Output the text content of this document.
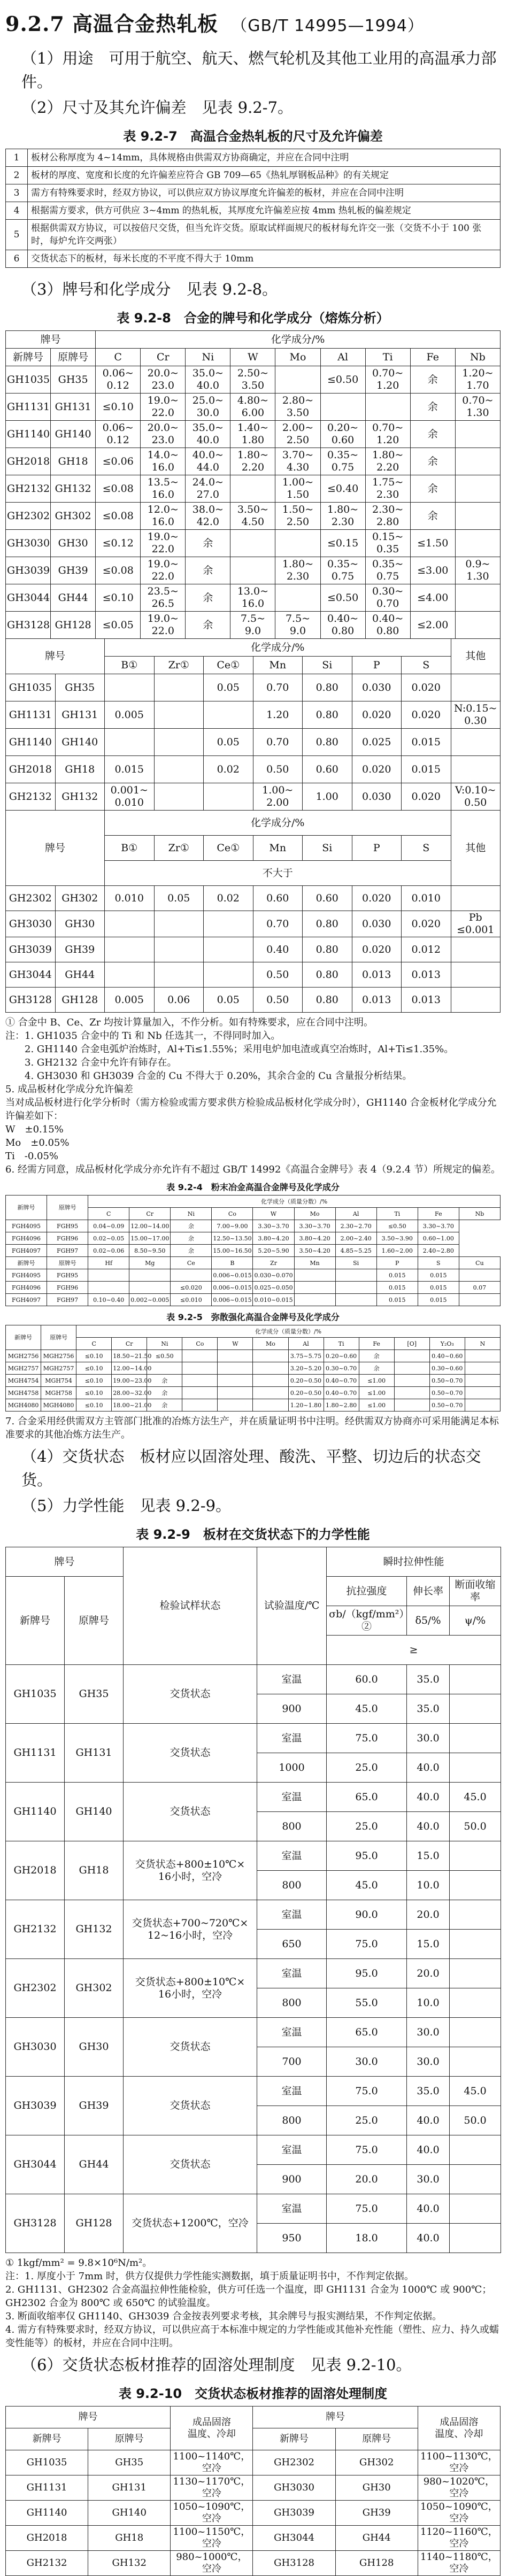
9.2.7 高温合金热轧板 （GB/T 14995—1994）

（1）用途　可用于航空、航天、燃气轮机及其他工业用的高温承力部件。

（2）尺寸及其允许偏差　见表 9.2-7。

表 9.2-7　高温合金热轧板的尺寸及允许偏差
1	板材公称厚度为 4~14mm，具体规格由供需双方协商确定，并应在合同中注明
2	板材的厚度、宽度和长度的允许偏差应符合 GB 709—65《热轧厚钢板品种》的有关规定
3	需方有特殊要求时，经双方协议，可以供应双方协议厚度允许偏差的板材，并应在合同中注明
4	根据需方要求，供方可供应 3~4mm 的热轧板，其厚度允许偏差应按 4mm 热轧板的偏差规定
5	根据供需双方协议，可以按倍尺交货，但当允许交货。原取试样面规尺的板材每允许交一张（交货不小于 100 张时，每炉允许交两张）
6	交货状态下的板材，每米长度的不平度不得大于 10mm

（3）牌号和化学成分　见表 9.2-8。

表 9.2-8　合金的牌号和化学成分（熔炼分析）
牌号		化学成分/%								
新牌号	原牌号	C	Cr	Ni	W	Mo	Al	Ti	Fe	Nb
GH1035	GH35	0.06~
0.12	20.0~
23.0	35.0~
40.0	2.50~
3.50		≤0.50	0.70~
1.20	余	1.20~
1.70
GH1131	GH131	≤0.10	19.0~
22.0	25.0~
30.0	4.80~
6.00	2.80~
3.50			余	0.70~
1.30
GH1140	GH140	0.06~
0.12	20.0~
23.0	35.0~
40.0	1.40~
1.80	2.00~
2.50	0.20~
0.60	0.70~
1.20	余	
GH2018	GH18	≤0.06	14.0~
16.0	40.0~
44.0	1.80~
2.20	3.70~
4.30	0.35~
0.75	1.80~
2.20	余	
GH2132	GH132	≤0.08	13.5~
16.0	24.0~
27.0		1.00~
1.50	≤0.40	1.75~
2.30	余	
GH2302	GH302	≤0.08	12.0~
16.0	38.0~
42.0	3.50~
4.50	1.50~
2.50	1.80~
2.30	2.30~
2.80	余	
GH3030	GH30	≤0.12	19.0~
22.0	余			≤0.15	0.15~
0.35	≤1.50	
GH3039	GH39	≤0.08	19.0~
22.0	余		1.80~
2.30	0.35~
0.75	0.35~
0.75	≤3.00	0.9~
1.30
GH3044	GH44	≤0.10	23.5~
26.5	余	13.0~
16.0		≤0.50	0.30~
0.70	≤4.00	
GH3128	GH128	≤0.05	19.0~
22.0	余	7.5~
9.0	7.5~
9.0	0.40~
0.80	0.40~
0.80	≤2.00	
牌号		化学成分/%							其他
		B①	Zr①	Ce①	Mn	Si	P	S	
GH1035	GH35			0.05	0.70	0.80	0.030	0.020	
GH1131	GH131	0.005			1.20	0.80	0.020	0.020	N:0.15~
0.30
GH1140	GH140			0.05	0.70	0.80	0.025	0.015	
GH2018	GH18	0.015		0.02	0.50	0.60	0.020	0.015	
GH2132	GH132	0.001~
0.010			1.00~
2.00	1.00	0.030	0.020	V:0.10~
0.50
牌号		化学成分/%							其他
		B①	Zr①	Ce①	Mn	Si	P	S	
		不大于							
GH2302	GH302	0.010	0.05	0.02	0.60	0.60	0.020	0.010	
GH3030	GH30				0.70	0.80	0.030	0.020	Pb
≤0.001
GH3039	GH39				0.40	0.80	0.020	0.012	
GH3044	GH44				0.50	0.80	0.013	0.013	
GH3128	GH128	0.005	0.06	0.05	0.50	0.80	0.013	0.013	

① 合金中 B、Ce、Zr 均按计算量加入，不作分析。如有特殊要求，应在合同中注明。

注：1. GH1035 合金中的 Ti 和 Nb 任选其一，不得同时加入。

　　2. GH1140 合金电弧炉治炼时，Al+Ti≤1.55%；采用电炉加电渣或真空冶炼时，Al+Ti≤1.35%。

　　3. GH2132 合金中允许有铈存在。

　　4. GH3030 和 GH3039 合金的 Cu 不得大于 0.20%，其余合金的 Cu 含量报分析结果。

5. 成品板材化学成分允许偏差

当对成品板材进行化学分析时（需方检验或需方要求供方检验成品板材化学成分时），GH1140 合金板材化学成分允许偏差如下：

W　±0.15%

Mo　±0.05%

Ti　-0.05%

6. 经需方同意，成品板材化学成分亦允许有不超过 GB/T 14992《高温合金牌号》表 4（9.2.4 节）所规定的偏差。

表 9.2-4　粉末冶金高温合金牌号及化学成分
新牌号	原牌号	化学成分（质量分数）/%									
		C	Cr	Ni	Co	W	Mo	Al	Ti	Fe	Nb
FGH4095	FGH95	0.04~0.09	12.00~14.00	余	7.00~9.00	3.30~3.70	3.30~3.70	2.30~2.70	≤0.50	3.30~3.70	
FGH4096	FGH96	0.02~0.05	15.00~17.00	余	12.50~13.50	3.80~4.20	3.80~4.20	2.00~2.40	3.50~3.90	0.60~1.00	
FGH4097	FGH97	0.02~0.06	8.50~9.50	余	15.00~16.50	5.20~5.90	3.50~4.20	4.85~5.25	1.60~2.00	2.40~2.80	
新牌号	原牌号	Hf	Mg	Ce	B	Zr	Mn	Si	P	S	Cu
FGH4095	FGH95				0.006~0.015	0.030~0.070			0.015	0.015	
FGH4096	FGH96			≤0.020	0.006~0.015	0.025~0.050			0.015	0.015	0.07
FGH4097	FGH97	0.10~0.40	0.002~0.005	≤0.010	0.006~0.015	0.010~0.015			0.015	0.015	
表 9.2-5　弥散强化高温合金牌号及化学成分
新牌号	原牌号	化学成分（质量分数）/%											
		C	Cr	Ni	Co	W	Mo	Al	Ti	Fe	[O]	Y₂O₃	N
MGH2756	MGH2756	≤0.10	18.50~21.50	≤0.50				3.75~5.75	0.20~0.60	余		0.40~0.60	
MGH2757	MGH2757	≤0.10	12.00~14.00					3.20~5.20	0.30~0.70	余		0.30~0.60	
MGH4754	MGH754	≤0.10	19.00~23.00	余				0.20~0.50	0.40~0.70	≤1.00		0.50~0.70	
MGH4758	MGH758	≤0.10	28.00~32.00	余				0.20~0.50	0.40~0.70	≤1.00		0.50~0.70	
MGH4080	MGH4080	≤0.10	18.00~21.00	余				1.20~1.80	1.80~2.80	≤1.00		0.50~0.70	

7. 合金采用经供需双方主管部门批准的冶炼方法生产，并在质量证明书中注明。经供需双方协商亦可采用能满足本标准要求的其他冶炼方法生产。

（4）交货状态　板材应以固溶处理、酸洗、平整、切边后的状态交货。

（5）力学性能　见表 9.2-9。

表 9.2-9　板材在交货状态下的力学性能
牌号		检验试样状态	试验温度/℃	瞬时拉伸性能		
新牌号	原牌号			抗拉强度	伸长率	断面收缩率
				σb/（kgf/mm²）②	δ5/%	ψ/%
				≥		
GH1035	GH35	交货状态	室温	60.0	35.0	
			900	45.0	35.0	
GH1131	GH131	交货状态	室温	75.0	30.0	
			1000	25.0	40.0	
GH1140	GH140	交货状态	室温	65.0	40.0	45.0
			800	25.0	40.0	50.0
GH2018	GH18	交货状态+800±10℃×
16小时，空冷	室温	95.0	15.0	
			800	45.0	10.0	
GH2132	GH132	交货状态+700~720℃×
12~16小时，空冷	室温	90.0	20.0	
			650	75.0	15.0	
GH2302	GH302	交货状态+800±10℃×
16小时，空冷	室温	95.0	20.0	
			800	55.0	10.0	
GH3030	GH30	交货状态	室温	65.0	30.0	
			700	30.0	30.0	
GH3039	GH39	交货状态	室温	75.0	35.0	45.0
			800	25.0	40.0	50.0
GH3044	GH44	交货状态	室温	75.0	40.0	
			900	20.0	30.0	
GH3128	GH128	交货状态+1200℃，空冷	室温	75.0	40.0	
			950	18.0	40.0	

① 1kgf/mm² = 9.8×10⁶N/m²。

注：1. 厚度小于 7mm 时，供方仅提供力学性能实测数据，填于质量证明书中，不作判定依据。

2. GH1131、GH2302 合金高温拉伸性能检验，供方可任选一个温度，即 GH1131 合金为 1000℃ 或 900℃；GH2302 合金为 800℃ 或 650℃ 的试验温度。

3. 断面收缩率仅 GH1140、GH3039 合金按表列要求考核，其余牌号与报实测结果，不作判定依据。

4. 需方有特殊要求时，经双方协议，可以供应高于本标准中规定的力学性能或其他补充性能（塑性、应力、持久或蠕变性能等）的板材，并应在合同中注明。

（6）交货状态板材推荐的固溶处理制度　见表 9.2-10。

表 9.2-10　交货状态板材推荐的固溶处理制度
牌号		成品固溶
温度、冷却	牌号		成品固溶
温度、冷却
新牌号	原牌号		新牌号	原牌号	
GH1035	GH35	1100~1140℃，空冷	GH2302	GH302	1100~1130℃，空冷
GH1131	GH131	1130~1170℃，空冷	GH3030	GH30	980~1020℃，空冷
GH1140	GH140	1050~1090℃，空冷	GH3039	GH39	1050~1090℃，空冷
GH2018	GH18	1100~1150℃，空冷	GH3044	GH44	1120~1160℃，空冷
GH2132	GH132	980~1000℃，空冷	GH3128	GH128	1140~1180℃，空冷
